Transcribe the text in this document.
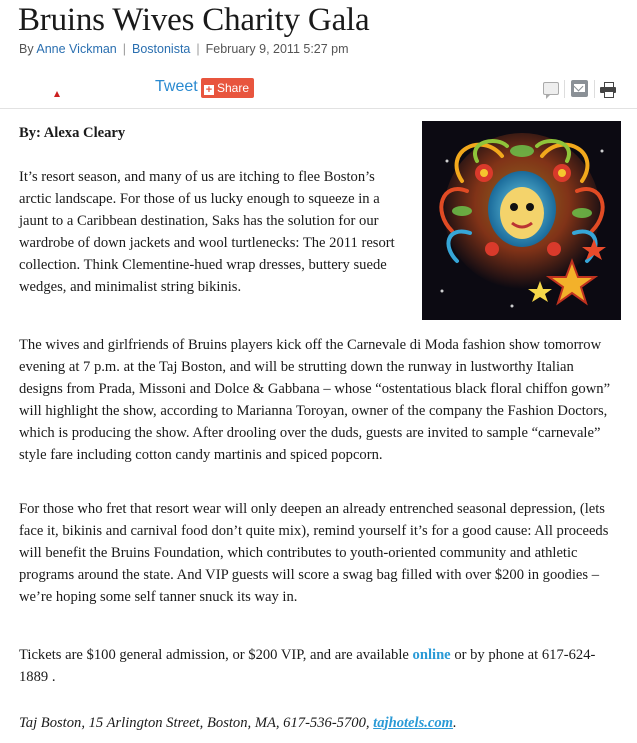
Bruins Wives Charity Gala
By Anne Vickman | Bostonista | February 9, 2011 5:27 pm
Tweet + Share

By: Alexa Cleary

It’s resort season, and many of us are itching to flee Boston’s arctic landscape. For those of us lucky enough to squeeze in a jaunt to a Caribbean destination, Saks has the solution for our wardrobe of down jackets and wool turtlenecks: The 2011 resort collection. Think Clementine-hued wrap dresses, buttery suede wedges, and minimalist string bikinis.

The wives and girlfriends of Bruins players kick off the Carnevale di Moda fashion show tomorrow evening at 7 p.m. at the Taj Boston, and will be strutting down the runway in lustworthy Italian designs from Prada, Missoni and Dolce & Gabbana – whose “ostentatious black floral chiffon gown” will highlight the show, according to Marianna Toroyan, owner of the company the Fashion Doctors, which is producing the show. After drooling over the duds, guests are invited to sample “carnevale” style fare including cotton candy martinis and spiced popcorn.

For those who fret that resort wear will only deepen an already entrenched seasonal depression, (lets face it, bikinis and carnival food don’t quite mix), remind yourself it’s for a good cause: All proceeds will benefit the Bruins Foundation, which contributes to youth-oriented community and athletic programs around the state. And VIP guests will score a swag bag filled with over $200 in goodies – we’re hoping some self tanner snuck its way in.

Tickets are $100 general admission, or $200 VIP, and are available online or by phone at 617-624-1889 .

Taj Boston, 15 Arlington Street, Boston, MA, 617-536-5700, tajhotels.com.
